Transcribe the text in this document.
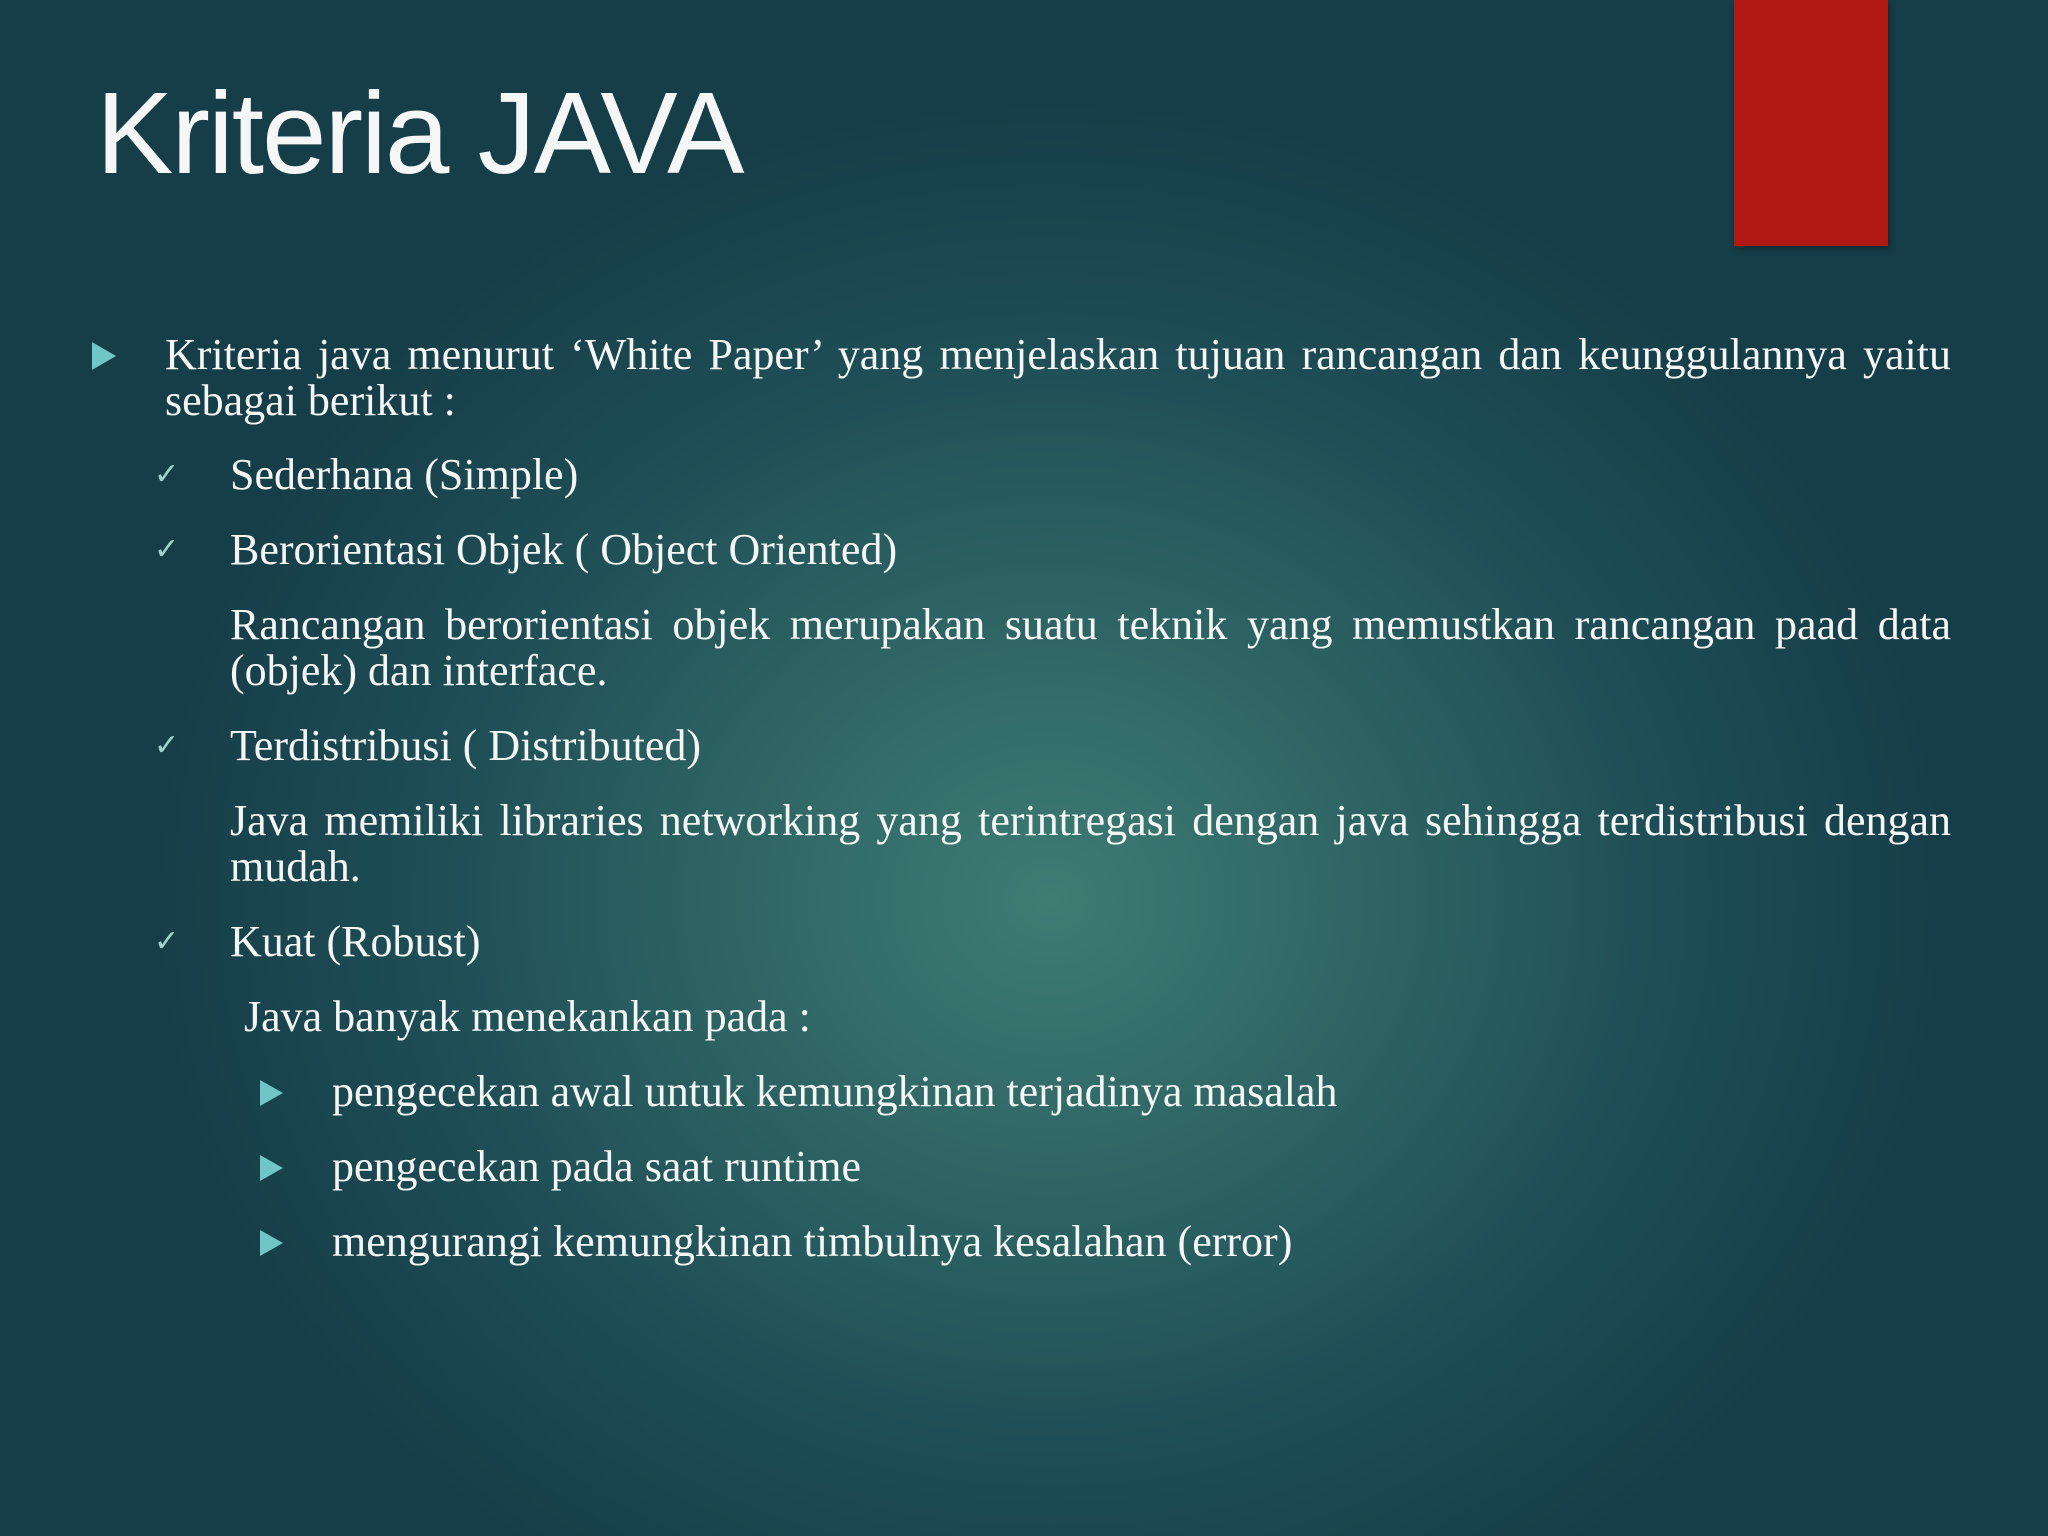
Kriteria JAVA
Kriteria java menurut ‘White Paper’ yang menjelaskan tujuan rancangan dan keunggulannya yaitu sebagai berikut :
✓ Sederhana (Simple)
✓ Berorientasi Objek ( Object Oriented)
Rancangan berorientasi objek merupakan suatu teknik yang memustkan rancangan paad data (objek) dan interface.
✓ Terdistribusi ( Distributed)
Java memiliki libraries networking yang terintregasi dengan java sehingga terdistribusi dengan mudah.
✓ Kuat (Robust)
Java banyak menekankan pada :
pengecekan awal untuk kemungkinan terjadinya masalah
pengecekan pada saat runtime
mengurangi kemungkinan timbulnya kesalahan (error)
